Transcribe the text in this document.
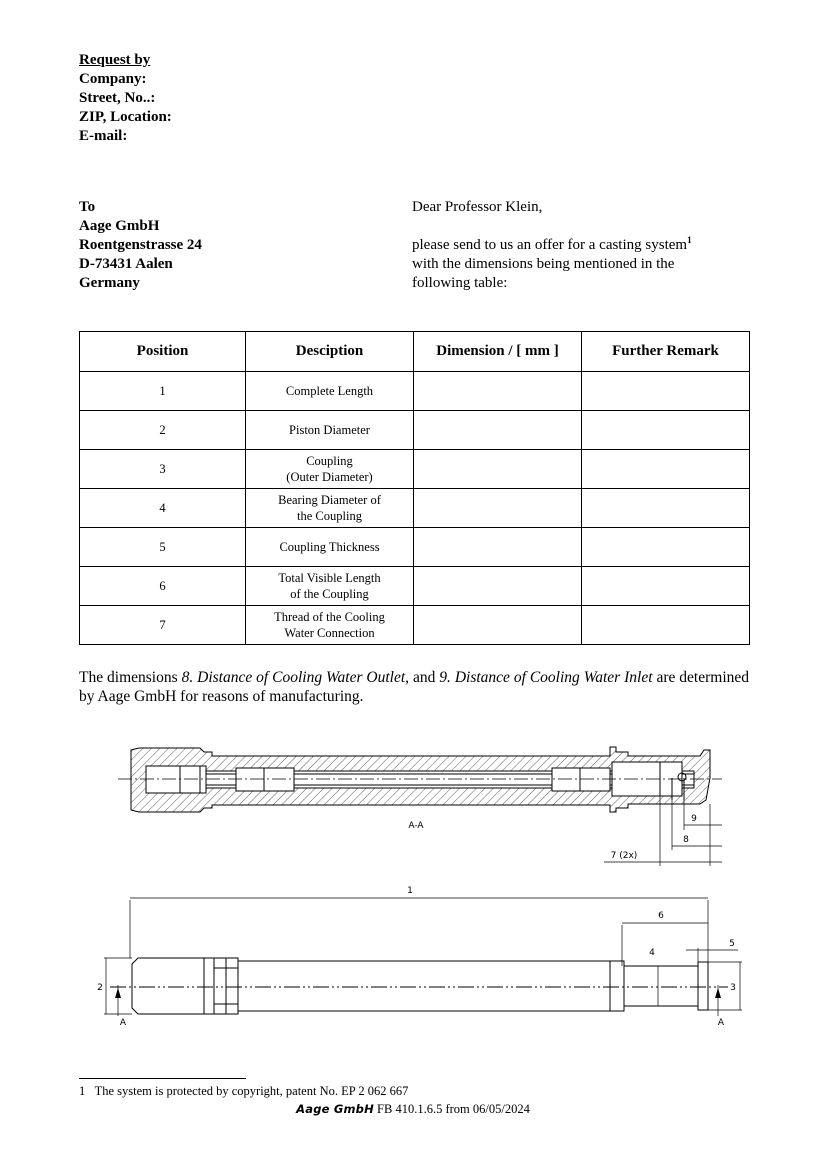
Request by
Company:
Street, No..:
ZIP, Location:
E-mail:
To
Aage GmbH
Roentgenstrasse 24
D-73431 Aalen
Germany
Dear Professor Klein,
please send to us an offer for a casting system$^1$
with the dimensions being mentioned in the
following table:
Position	Desciption	Dimension / [ mm ]	Further Remark
1	Complete Length		
2	Piston Diameter		
3	Coupling
(Outer Diameter)		
4	Bearing Diameter of
the Coupling		
5	Coupling Thickness		
6	Total Visible Length
of the Coupling		
7	Thread of the Cooling
Water Connection		
The dimensions 8. Distance of Cooling Water Outlet, and 9. Distance of Cooling Water Inlet are determined by Aage GmbH for reasons of manufacturing.
A-A
9
8
7 (2x)
1
2
6
4
5
3
A	A
1 The system is protected by copyright, patent No. EP 2 062 667
Aage GmbH FB 410.1.6.5 from 06/05/2024
